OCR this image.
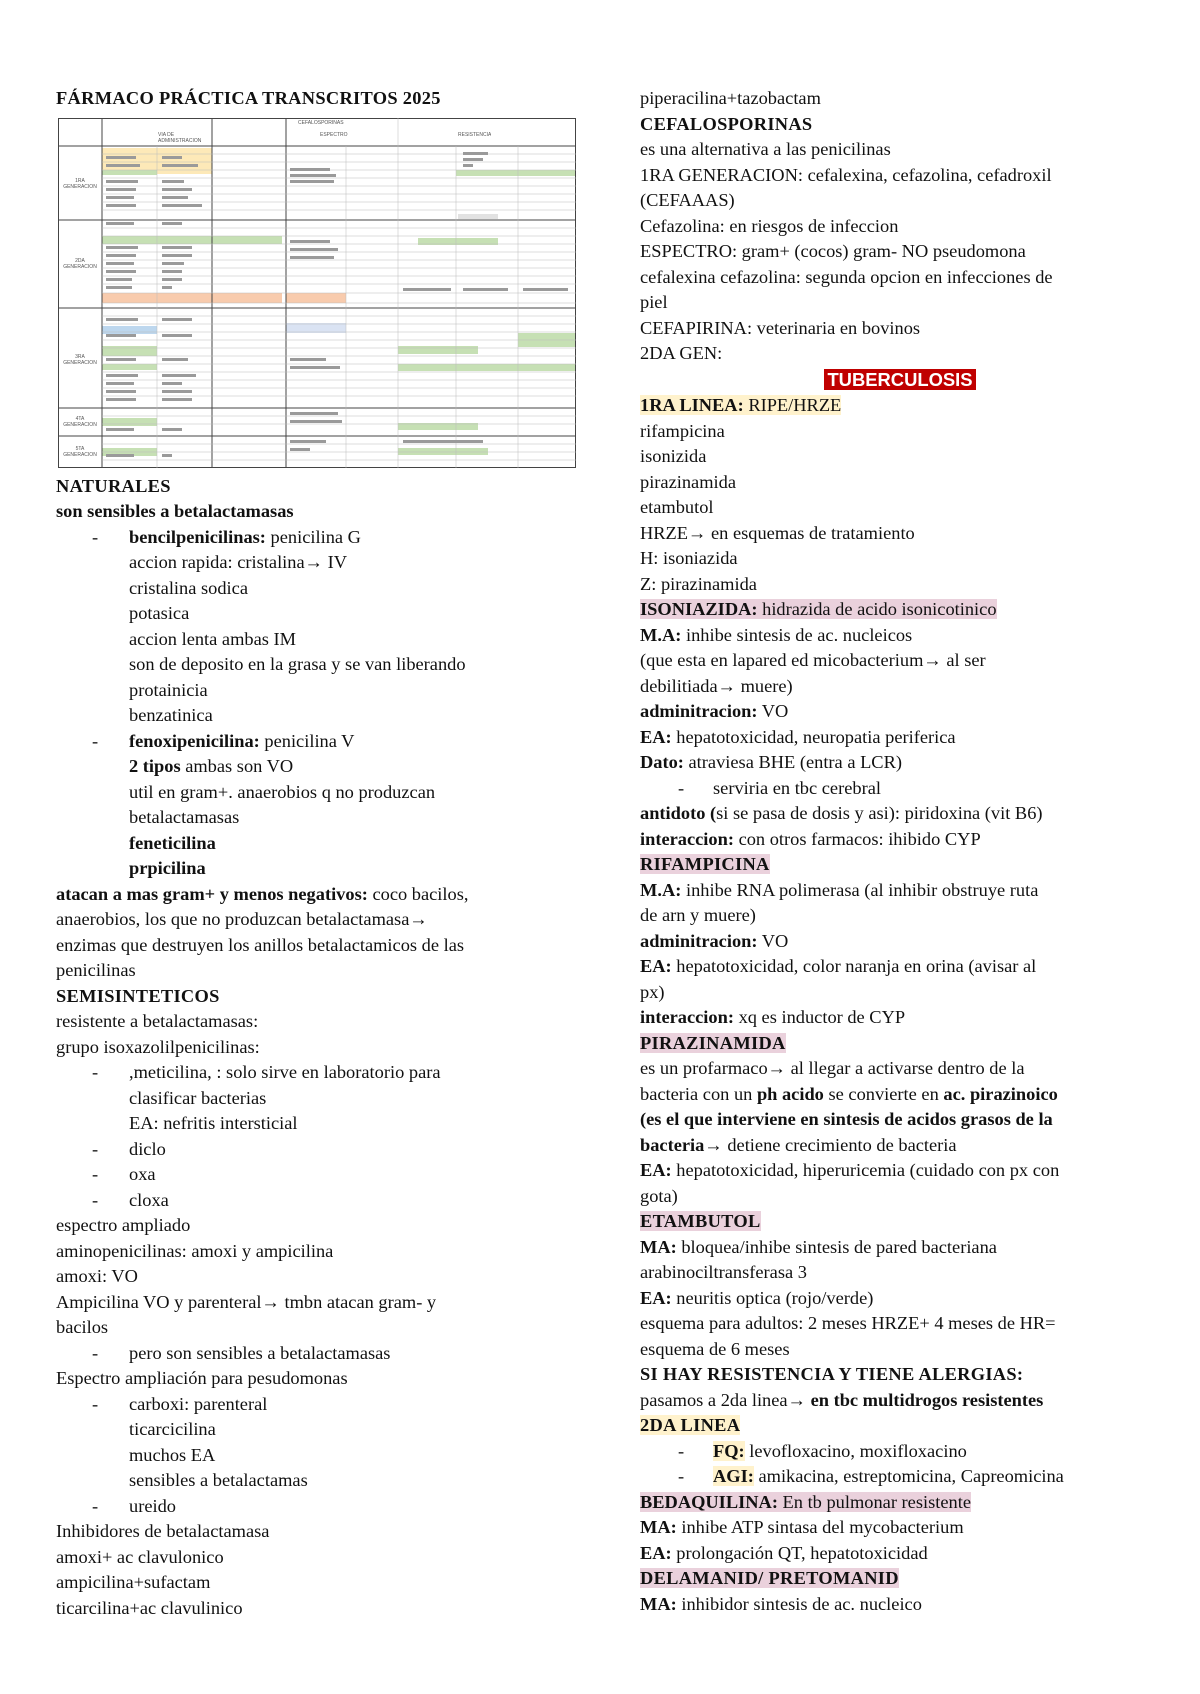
FÁRMACO PRÁCTICA TRANSCRITOS 2025
CEFALOSPORINAS
VIA DE ADMINISTRACION
ESPECTRO	RESISTENCIA
1RA GENERACION
2DA GENERACION
3RA GENERACION
4TA GENERACION
5TA GENERACION
NATURALES
son sensibles a betalactamasas
- bencilpenicilinas: penicilina G
accion rapida: cristalina→ IV
cristalina sodica
potasica
accion lenta ambas IM
son de deposito en la grasa y se van liberando
protainicia
benzatinica
- fenoxipenicilina: penicilina V
2 tipos ambas son VO
util en gram+. anaerobios q no produzcan
betalactamasas
feneticilina
prpicilina
atacan a mas gram+ y menos negativos: coco bacilos,
anaerobios, los que no produzcan betalactamasa→
enzimas que destruyen los anillos betalactamicos de las
penicilinas
SEMISINTETICOS
resistente a betalactamasas:
grupo isoxazolilpenicilinas:
- ,meticilina, : solo sirve en laboratorio para
clasificar bacterias
EA: nefritis intersticial
- diclo
- oxa
- cloxa
espectro ampliado
aminopenicilinas: amoxi y ampicilina
amoxi: VO
Ampicilina VO y parenteral→ tmbn atacan gram- y
bacilos
- pero son sensibles a betalactamasas
Espectro ampliación para pesudomonas
- carboxi: parenteral
ticarcicilina
muchos EA
sensibles a betalactamas
- ureido
Inhibidores de betalactamasa
amoxi+ ac clavulonico
ampicilina+sufactam
ticarcilina+ac clavulinico
piperacilina+tazobactam
CEFALOSPORINAS
es una alternativa a las penicilinas
1RA GENERACION: cefalexina, cefazolina, cefadroxil
(CEFAAAS)
Cefazolina: en riesgos de infeccion
ESPECTRO: gram+ (cocos) gram- NO pseudomona
cefalexina cefazolina: segunda opcion en infecciones de
piel
CEFAPIRINA: veterinaria en bovinos
2DA GEN:
TUBERCULOSIS
1RA LINEA: RIPE/HRZE
rifampicina
isonizida
pirazinamida
etambutol
HRZE→ en esquemas de tratamiento
H: isoniazida
Z: pirazinamida
ISONIAZIDA: hidrazida de acido isonicotinico
M.A: inhibe sintesis de ac. nucleicos
(que esta en lapared ed micobacterium→ al ser
debilitiada→ muere)
adminitracion: VO
EA: hepatotoxicidad, neuropatia periferica
Dato: atraviesa BHE (entra a LCR)
- serviria en tbc cerebral
antidoto (si se pasa de dosis y asi): piridoxina (vit B6)
interaccion: con otros farmacos: ihibido CYP
RIFAMPICINA
M.A: inhibe RNA polimerasa (al inhibir obstruye ruta
de arn y muere)
adminitracion: VO
EA: hepatotoxicidad, color naranja en orina (avisar al
px)
interaccion: xq es inductor de CYP
PIRAZINAMIDA
es un profarmaco→ al llegar a activarse dentro de la
bacteria con un ph acido se convierte en ac. pirazinoico
(es el que interviene en sintesis de acidos grasos de la
bacteria→ detiene crecimiento de bacteria
EA: hepatotoxicidad, hiperuricemia (cuidado con px con
gota)
ETAMBUTOL
MA: bloquea/inhibe sintesis de pared bacteriana
arabinociltransferasa 3
EA: neuritis optica (rojo/verde)
esquema para adultos: 2 meses HRZE+ 4 meses de HR=
esquema de 6 meses
SI HAY RESISTENCIA Y TIENE ALERGIAS:
pasamos a 2da linea→ en tbc multidrogos resistentes
2DA LINEA
- FQ: levofloxacino, moxifloxacino
- AGI: amikacina, estreptomicina, Capreomicina
BEDAQUILINA: En tb pulmonar resistente
MA: inhibe ATP sintasa del mycobacterium
EA: prolongación QT, hepatotoxicidad
DELAMANID/ PRETOMANID
MA: inhibidor sintesis de ac. nucleico
